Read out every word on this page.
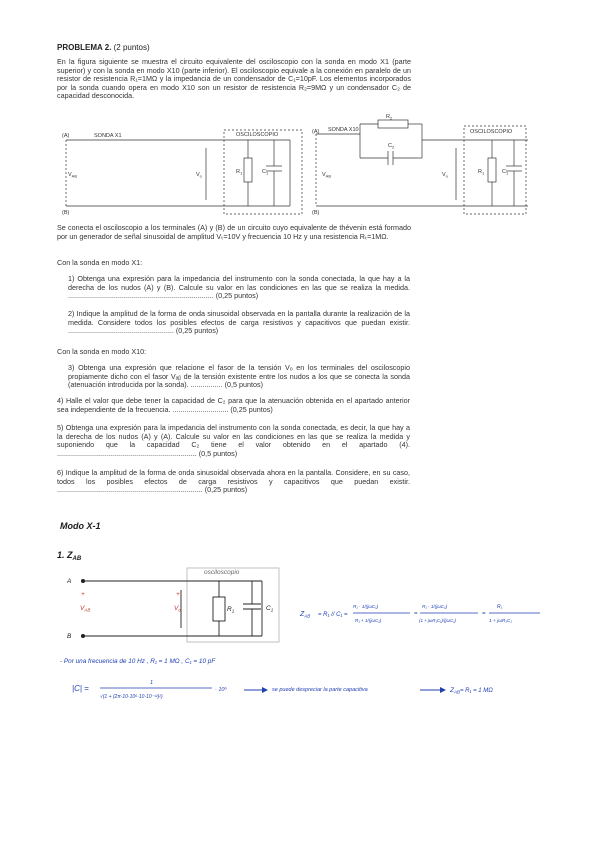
PROBLEMA 2. (2 puntos)
En la figura siguiente se muestra el circuito equivalente del osciloscopio con la sonda en modo X1 (parte superior) y con la sonda en modo X10 (parte inferior). El osciloscopio equivale a la conexión en paralelo de un resistor de resistencia R₁=1MΩ y la impedancia de un condensador de C₁=10pF. Los elementos incorporados por la sonda cuando opera en modo X10 son un resistor de resistencia R₂=9MΩ y un condensador C₂ de capacidad desconocida.
(A)
(B)
SONDA X1	OSCILOSCOPIO
$V_{AB}$	$V_o$
$R_1$	$C_1$
(A)
(B)
SONDA X10
$V_{AB}$
$R_2$
$C_2$
OSCILOSCOPIO
$V_o$
$R_1$	$C_1$
Se conecta el osciloscopio a los terminales (A) y (B) de un circuito cuyo equivalente de thévenin está formado por un generador de señal sinusoidal de amplitud Vₜ=10V y frecuencia 10 Hz y una resistencia Rₜ=1MΩ.
Con la sonda en modo X1:
1) Obtenga una expresión para la impedancia del instrumento con la sonda conectada, la que hay a la derecha de los nudos (A) y (B). Calcule su valor en las condiciones en las que se realiza la medida. ......................................................................... (0,25 puntos)
2) Indique la amplitud de la forma de onda sinusoidal observada en la pantalla durante la realización de la medida. Considere todos los posibles efectos de carga resistivos y capacitivos que puedan existir. ..................................................... (0,25 puntos)
Con la sonda en modo X10:
3) Obtenga una expresión que relacione el fasor de la tensión Vₒ en los terminales del osciloscopio propiamente dicho con el fasor Vₐᵦ de la tensión existente entre los nudos a los que se conecta la sonda (atenuación introducida por la sonda). ................ (0,5 puntos)
4) Halle el valor que debe tener la capacidad de C₂ para que la atenuación obtenida en el apartado anterior sea independiente de la frecuencia. ............................ (0,25 puntos)
5) Obtenga una expresión para la impedancia del instrumento con la sonda conectada, es decir, la que hay a la derecha de los nudos (A) y (A). Calcule su valor en las condiciones en las que se realiza la medida y suponiendo que la capacidad C₂ tiene el valor obtenido en el apartado (4). ...................................................................... (0,5 puntos)
6) Indique la amplitud de la forma de onda sinusoidal observada ahora en la pantalla. Considere, en su caso, todos los posibles efectos de carga resistivos y capacitivos que puedan existir. ......................................................................... (0,25 puntos)
Modo X-1
1. $Z_{AB}$
osciloscopio
A
B
$V_{AB}$
+
$V_o$
+
$R_1$	$C_1$
$Z_{AB} = R_1 // C_1$ =
R₁ · 1/(jωC₁)
R₁ + 1/(jωC₁)
=
R₁ · 1/(jωC₁)
(1 + jωR₁C₁)/(jωC₁)
=
R₁
1 + jωR₁C₁
- Por una frecuencia de 10 Hz , R₁ = 1 MΩ , C₁ = 10 pF
|C| =
1
√(1 + (2π·10·10⁶·10·10⁻¹²)²)
· 10⁶	se puede despreciar la parte capacitiva	$Z_{AB}= R_1 = 1$ MΩ
